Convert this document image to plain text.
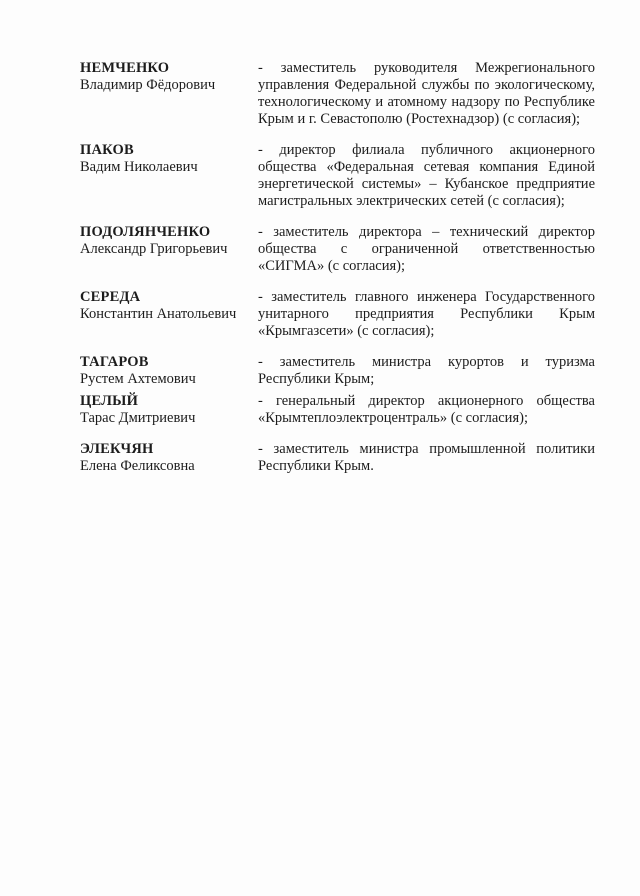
НЕМЧЕНКО
Владимир Фёдорович
- заместитель руководителя Межрегионального управления Федеральной службы по экологическому, технологическому и атомному надзору по Республике Крым и г. Севастополю (Ростехнадзор) (с согласия);
ПАКОВ
Вадим Николаевич
- директор филиала публичного акционерного общества «Федеральная сетевая компания Единой энергетической системы» – Кубанское предприятие магистральных электрических сетей (с согласия);
ПОДОЛЯНЧЕНКО
Александр Григорьевич
- заместитель директора – технический директор общества с ограниченной ответственностью «СИГМА» (с согласия);
СЕРЕДА
Константин Анатольевич
- заместитель главного инженера Государственного унитарного предприятия Республики Крым «Крымгазсети» (с согласия);
ТАГАРОВ
Рустем Ахтемович
- заместитель министра курортов и туризма Республики Крым;
ЦЕЛЫЙ
Тарас Дмитриевич
- генеральный директор акционерного общества «Крымтеплоэлектроцентраль» (с согласия);
ЭЛЕКЧЯН
Елена Феликсовна
- заместитель министра промышленной политики Республики Крым.
